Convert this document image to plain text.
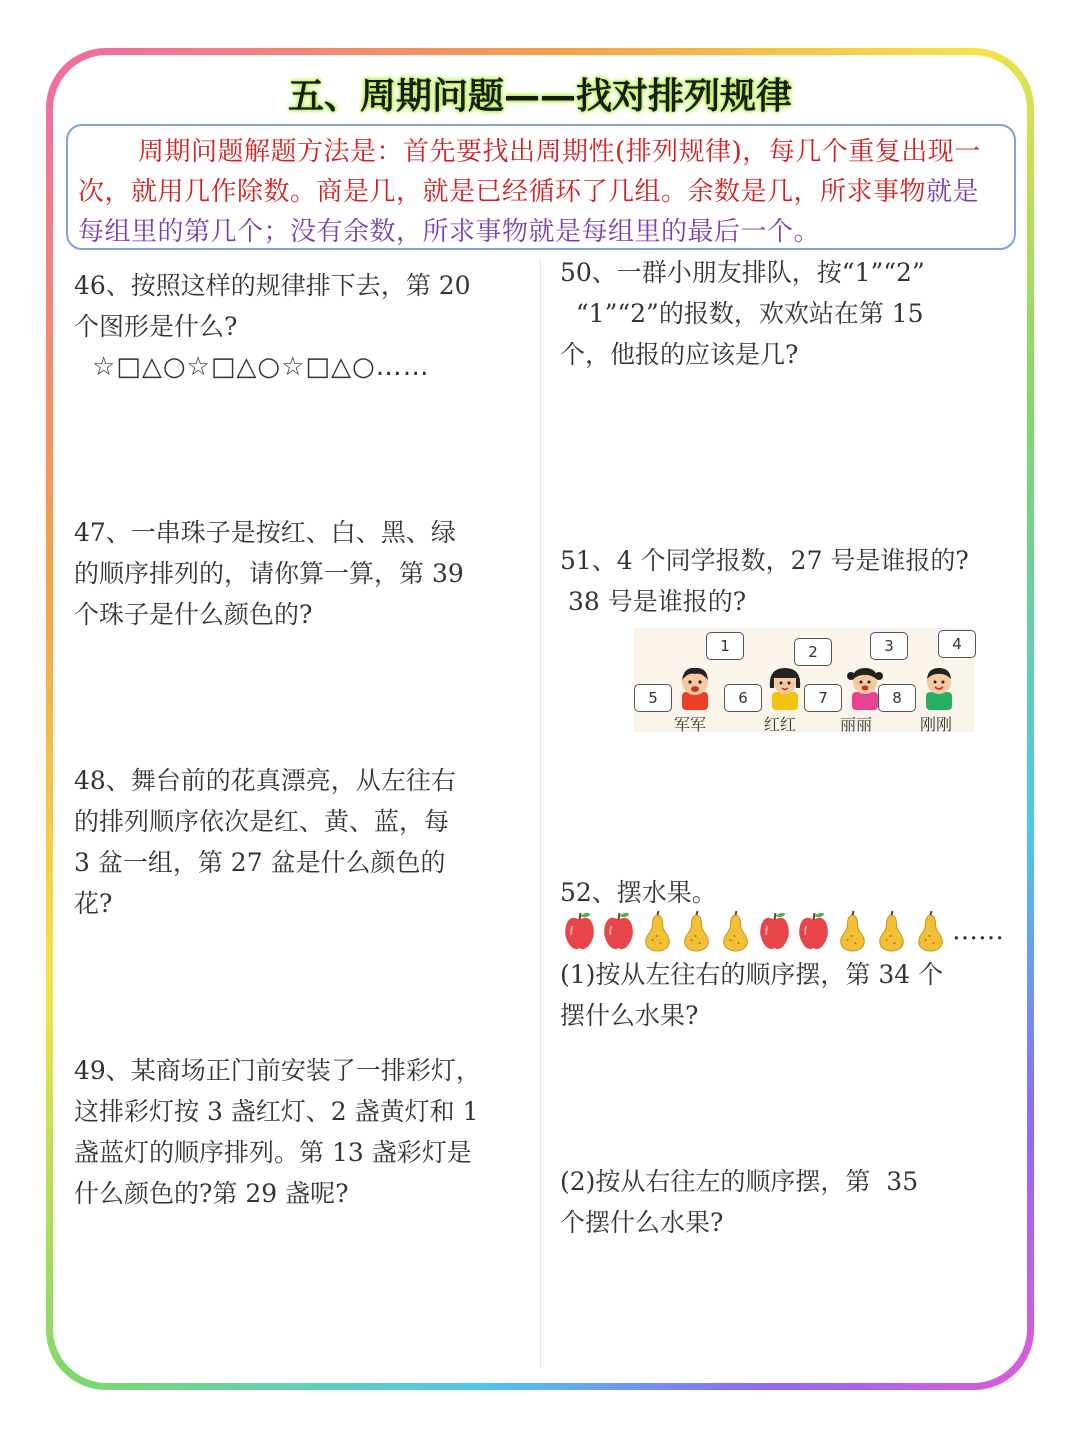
五、周期问题——找对排列规律
周期问题解题方法是：首先要找出周期性(排列规律)，每几个重复出现一次，就用几作除数。商是几，就是已经循环了几组。余数是几，所求事物就是每组里的第几个；没有余数，所求事物就是每组里的最后一个。

46、按照这样的规律排下去，第 20

个图形是什么?

☆□△○☆□△○☆□△○……

47、一串珠子是按红、白、黑、绿

的顺序排列的，请你算一算，第 39

个珠子是什么颜色的?

48、舞台前的花真漂亮，从左往右

的排列顺序依次是红、黄、蓝，每

3 盆一组，第 27 盆是什么颜色的

花?

49、某商场正门前安装了一排彩灯，

这排彩灯按 3 盏红灯、2 盏黄灯和 1

盏蓝灯的顺序排列。第 13 盏彩灯是

什么颜色的?第 29 盏呢?

50、一群小朋友排队，按“1”“2”

“1”“2”的报数，欢欢站在第 15

个，他报的应该是几?

51、4 个同学报数，27 号是谁报的?

38 号是谁报的?

1
5
军军
2
6
红红
3
7
丽丽
4
8
刚刚

52、摆水果。

……

(1)按从左往右的顺序摆，第 34 个

摆什么水果?

(2)按从右往左的顺序摆，第  35

个摆什么水果?
